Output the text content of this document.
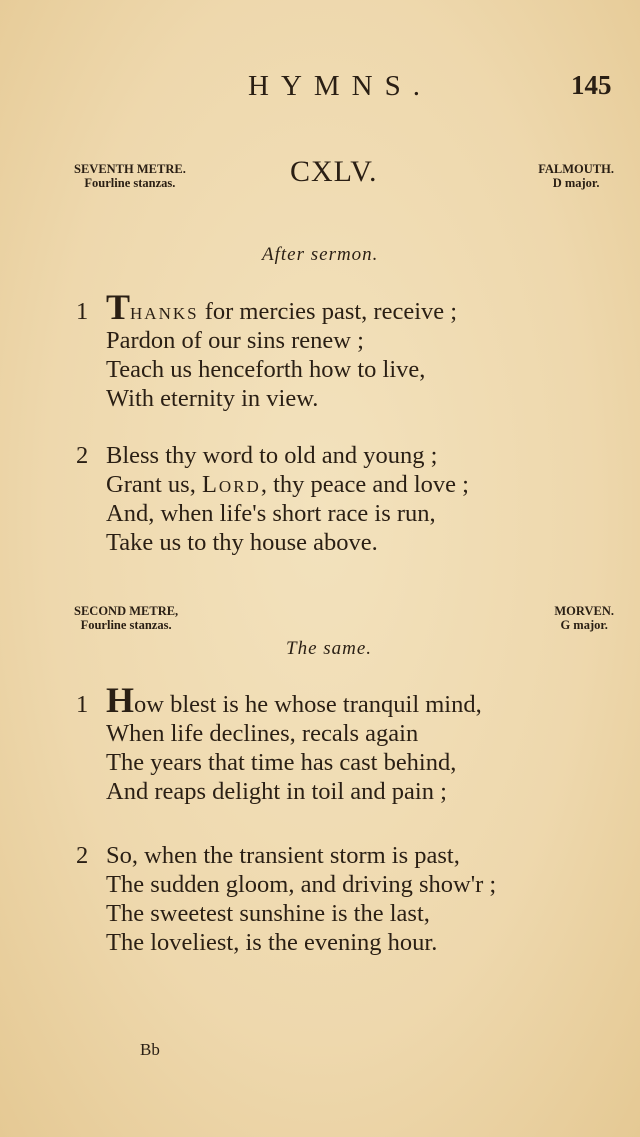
HYMNS.	145
SEVENTH METRE.
Fourline stanzas.	CXLV.	FALMOUTH.
D major.
After sermon.
1 Thanks for mercies past, receive ;
Pardon of our sins renew ;
Teach us henceforth how to live,
With eternity in view.
2 Bless thy word to old and young ;
Grant us, Lord, thy peace and love ;
And, when life's short race is run,
Take us to thy house above.
SECOND METRE,
Fourline stanzas.
MORVEN.
G major.
The same.
1 How blest is he whose tranquil mind,
When life declines, recals again
The years that time has cast behind,
And reaps delight in toil and pain ;
2 So, when the transient storm is past,
The sudden gloom, and driving show'r ;
The sweetest sunshine is the last,
The loveliest, is the evening hour.
Bb
